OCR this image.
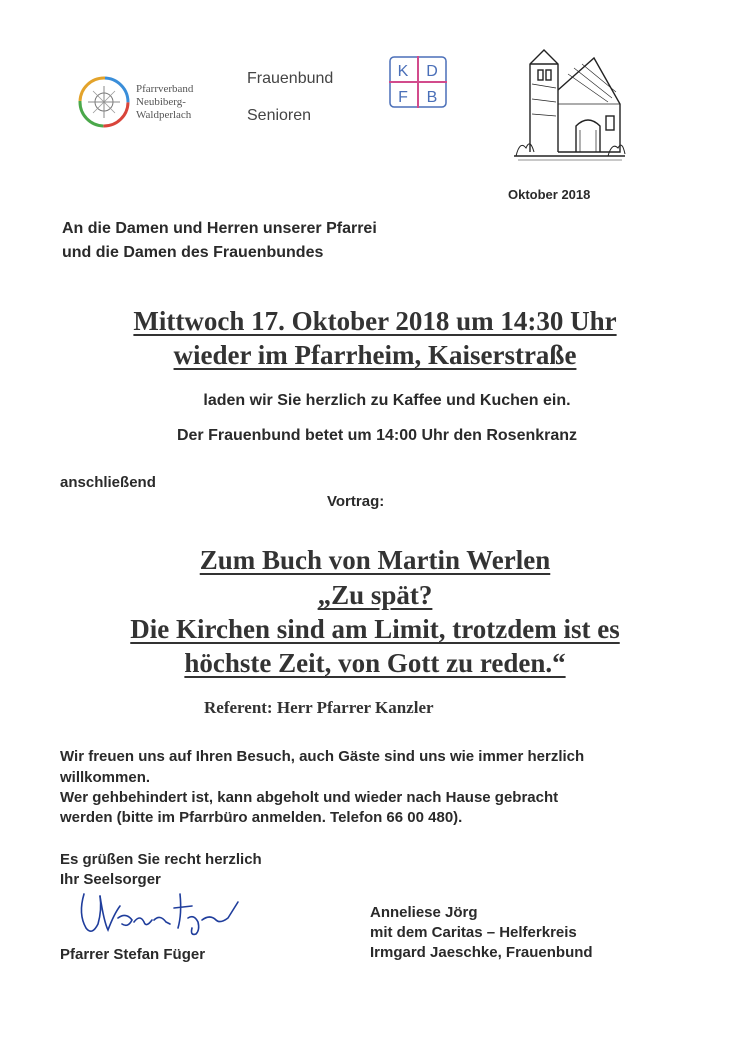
Pfarrverband
Neubiberg-
Waldperlach
Frauenbund
Senioren
K D
F B
Oktober 2018
An die Damen und Herren unserer Pfarrei
und die Damen des Frauenbundes
Mittwoch 17. Oktober 2018 um 14:30 Uhr
wieder im Pfarrheim, Kaiserstraße
laden wir Sie herzlich zu Kaffee und Kuchen ein.
Der Frauenbund betet um 14:00 Uhr den Rosenkranz
anschließend
Vortrag:
Zum Buch von Martin Werlen
„Zu spät?
Die Kirchen sind am Limit, trotzdem ist es
höchste Zeit, von Gott zu reden.“
Referent: Herr Pfarrer Kanzler
Wir freuen uns auf Ihren Besuch, auch Gäste sind uns wie immer herzlich
willkommen.
Wer gehbehindert ist, kann abgeholt und wieder nach Hause gebracht
werden (bitte im Pfarrbüro anmelden. Telefon 66 00 480).
Es grüßen Sie recht herzlich
Ihr Seelsorger
Pfarrer Stefan Füger
Anneliese Jörg
mit dem Caritas – Helferkreis
Irmgard Jaeschke, Frauenbund
